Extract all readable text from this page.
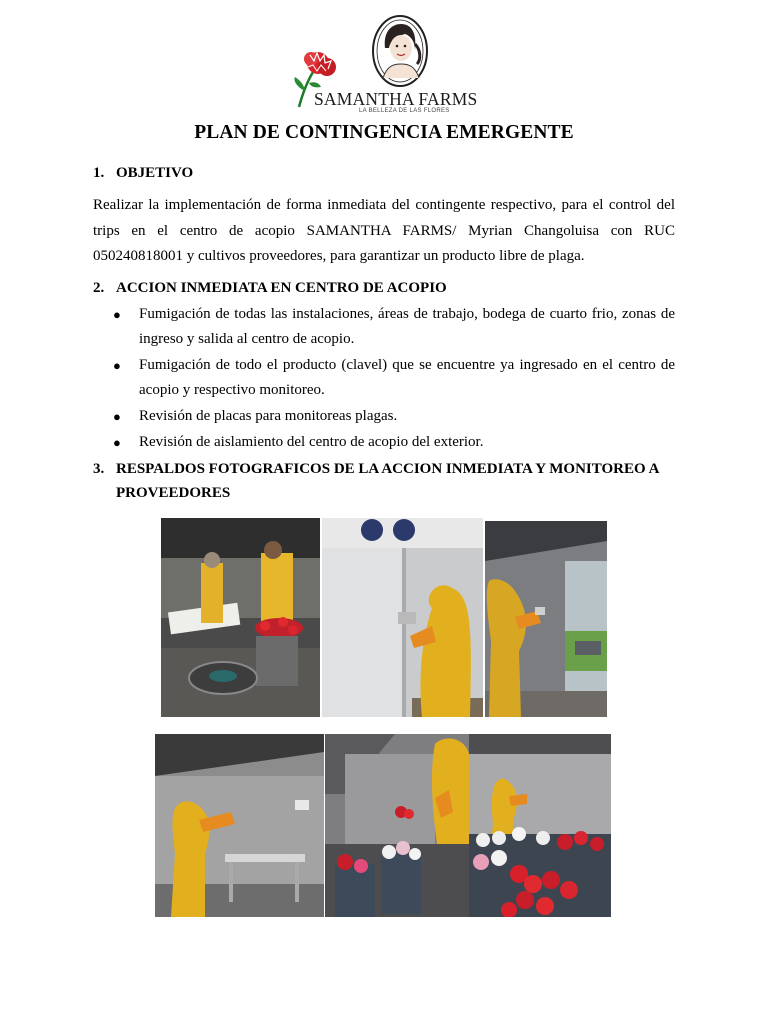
SAMANTHA FARMS
LA BELLEZA DE LAS FLORES
PLAN DE CONTINGENCIA EMERGENTE
1. OBJETIVO

Realizar la implementación de forma inmediata del contingente respectivo, para el control del trips en el centro de acopio SAMANTHA FARMS/ Myrian Changoluisa con RUC 050240818001 y cultivos proveedores, para garantizar un producto libre de plaga.

2. ACCION INMEDIATA EN CENTRO DE ACOPIO
● Fumigación de todas las instalaciones, áreas de trabajo, bodega de cuarto frio, zonas de ingreso y salida al centro de acopio.
● Fumigación de todo el producto (clavel) que se encuentre ya ingresado en el centro de acopio y respectivo monitoreo.
● Revisión de placas para monitoreas plagas.
● Revisión de aislamiento del centro de acopio del exterior.
3. RESPALDOS FOTOGRAFICOS DE LA ACCION INMEDIATA Y MONITOREO A PROVEEDORES
